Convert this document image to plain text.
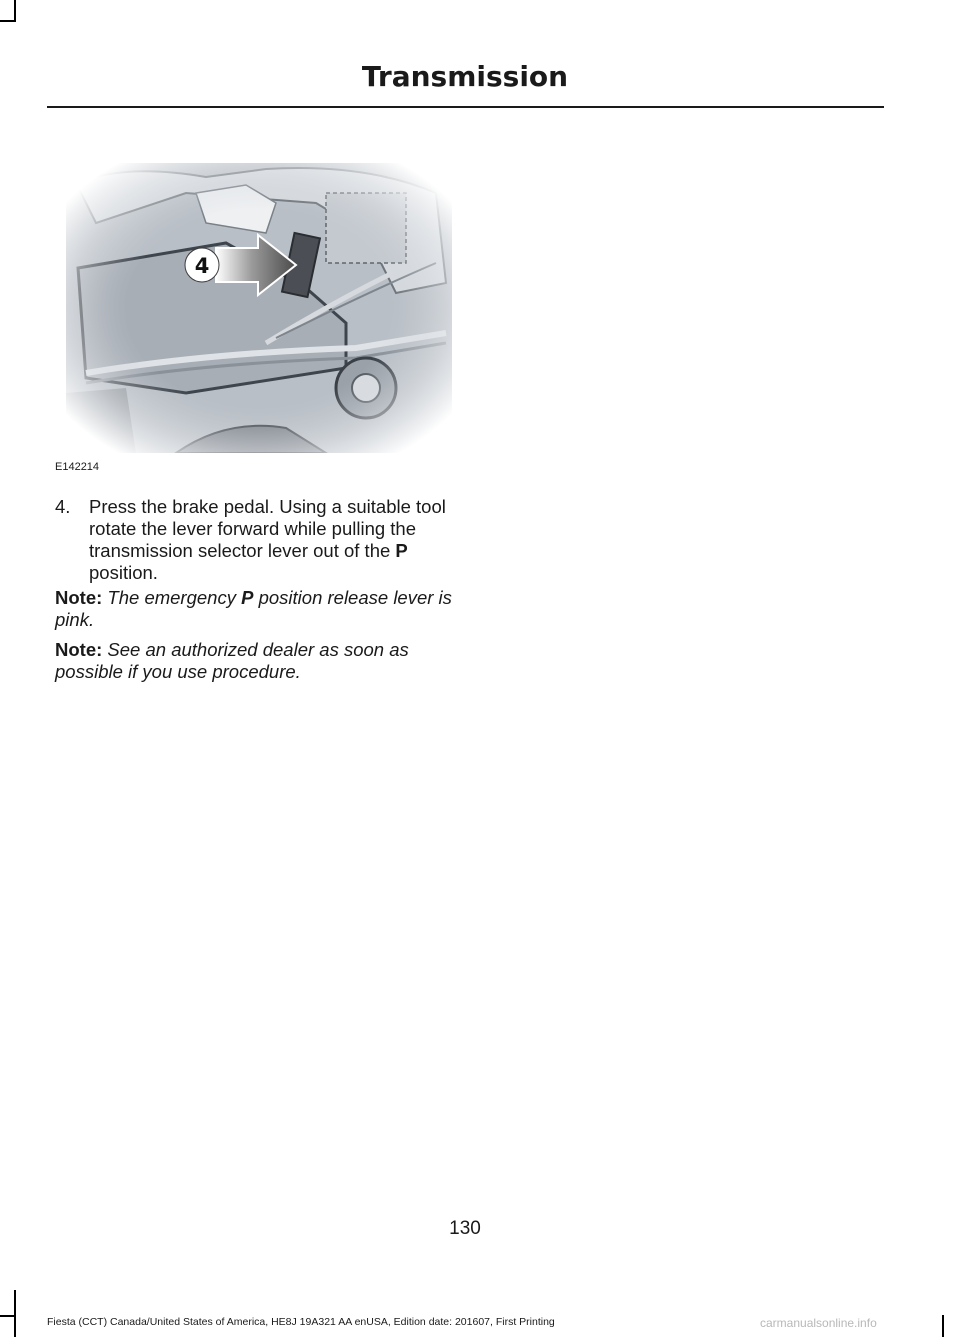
Transmission
4
E142214
4. Press the brake pedal. Using a suitable tool rotate the lever forward while pulling the transmission selector lever out of the P position.
Note: The emergency P position release lever is pink.
Note: See an authorized dealer as soon as possible if you use procedure.
130
Fiesta (CCT) Canada/United States of America, HE8J 19A321 AA enUSA, Edition date: 201607, First Printing	carmanualsonline.info
